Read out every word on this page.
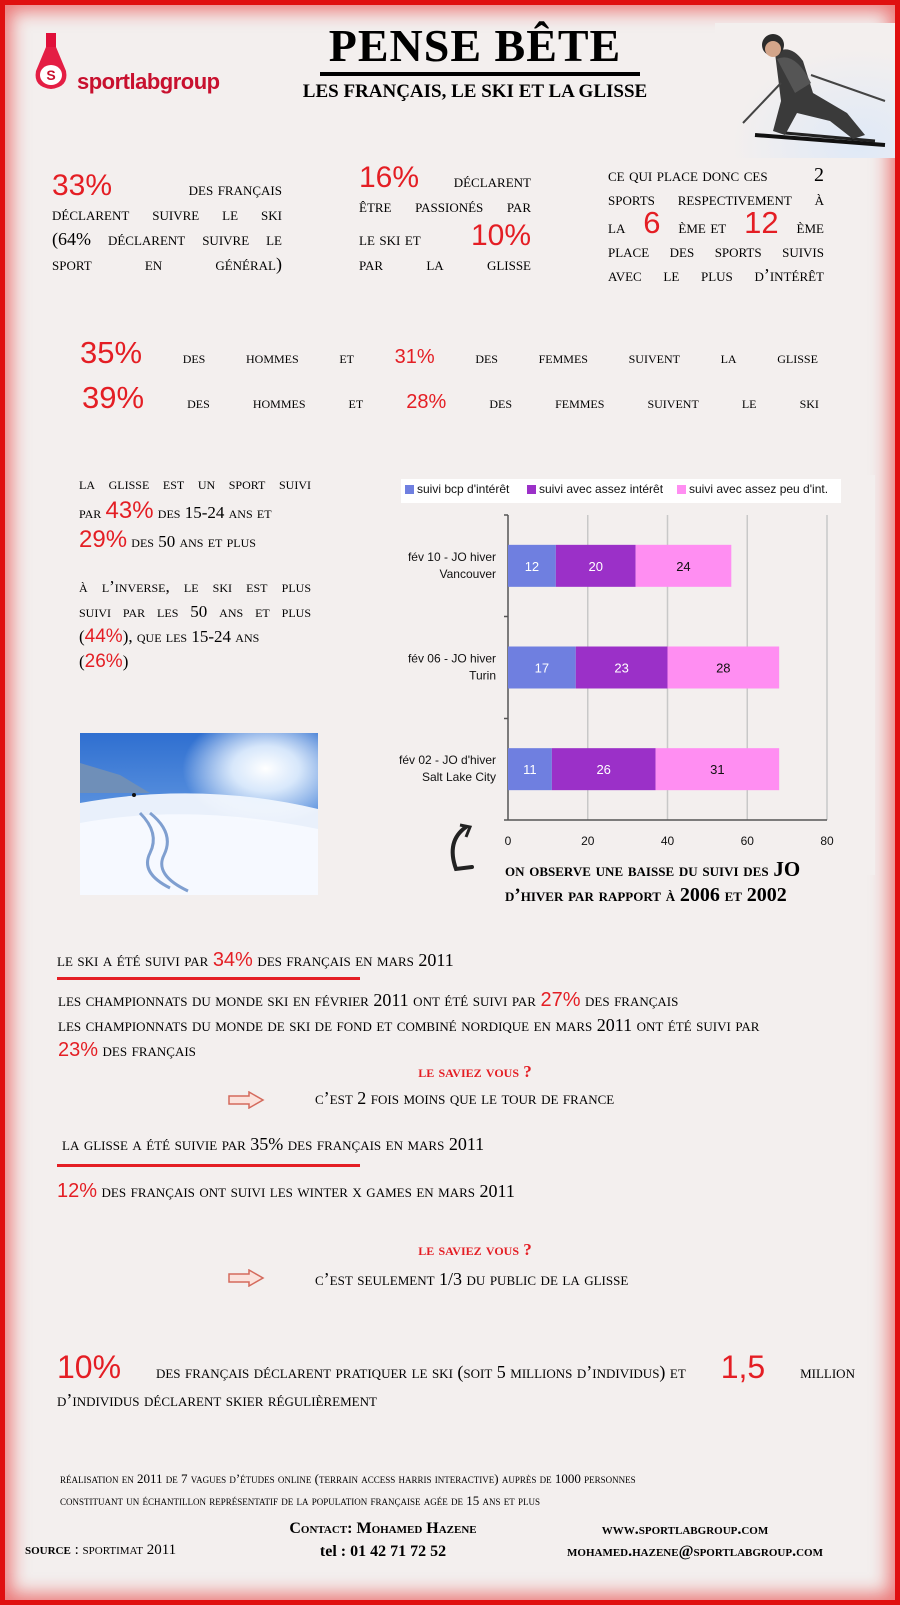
S sportlabgroup
PENSE BÊTE
LES FRANÇAIS, LE SKI ET LA GLISSE
33%	des français
déclarent suivre le ski
(64% déclarent suivre le
sport en général)
16% déclarent
être passionés par
le ski et 10%
par la glisse
ce qui place donc ces 2
sports respectivement à
la 6 ème et 12 ème
place des sports suivis
avec le plus d’intérêt
35% des hommes et 31% des femmes suivent la glisse
39%	des	hommes	et 28%	des	femmes	suivent	le	ski
la glisse est un sport suivi
par 43% des 15-24 ans et
29% des 50 ans et plus
à l’inverse, le ski est plus
suivi par les 50 ans et plus
(44%), que les 15-24 ans
(26%)
suivi bcp d'intérêt suivi avec assez intérêt suivi avec assez peu d'int.
0	20	40	60	80
12	20	24
fév 10 - JO hiver
Vancouver
17	23	28
fév 06 - JO hiver
Turin
11	26	31
fév 02 - JO d'hiver
Salt Lake City
on observe une baisse du suivi des JO
d’hiver par rapport à 2006 et 2002
le ski a été suivi par 34% des français en mars 2011
les championnats du monde ski en février 2011 ont été suivi par 27% des français
les championnats du monde de ski de fond et combiné nordique en mars 2011 ont été suivi par
23% des français
le saviez vous ?
c’est 2 fois moins que le tour de france
la glisse a été suivie par 35% des français en mars 2011
12% des français ont suivi les winter x games en mars 2011
le saviez vous ?
c’est seulement 1/3 du public de la glisse
10% des français déclarent pratiquer le ski (soit 5 millions d’individus) et 1,5 million
d’individus déclarent skier régulièrement
réalisation en 2011 de 7 vagues d’études online (terrain access harris interactive) auprès de 1000 personnes
constituant un échantillon représentatif de la population française agée de 15 ans et plus
Contact: Mohamed Hazene
tel : 01 42 71 72 52
www.sportlabgroup.com
mohamed.hazene@sportlabgroup.com
source : sportimat 2011
